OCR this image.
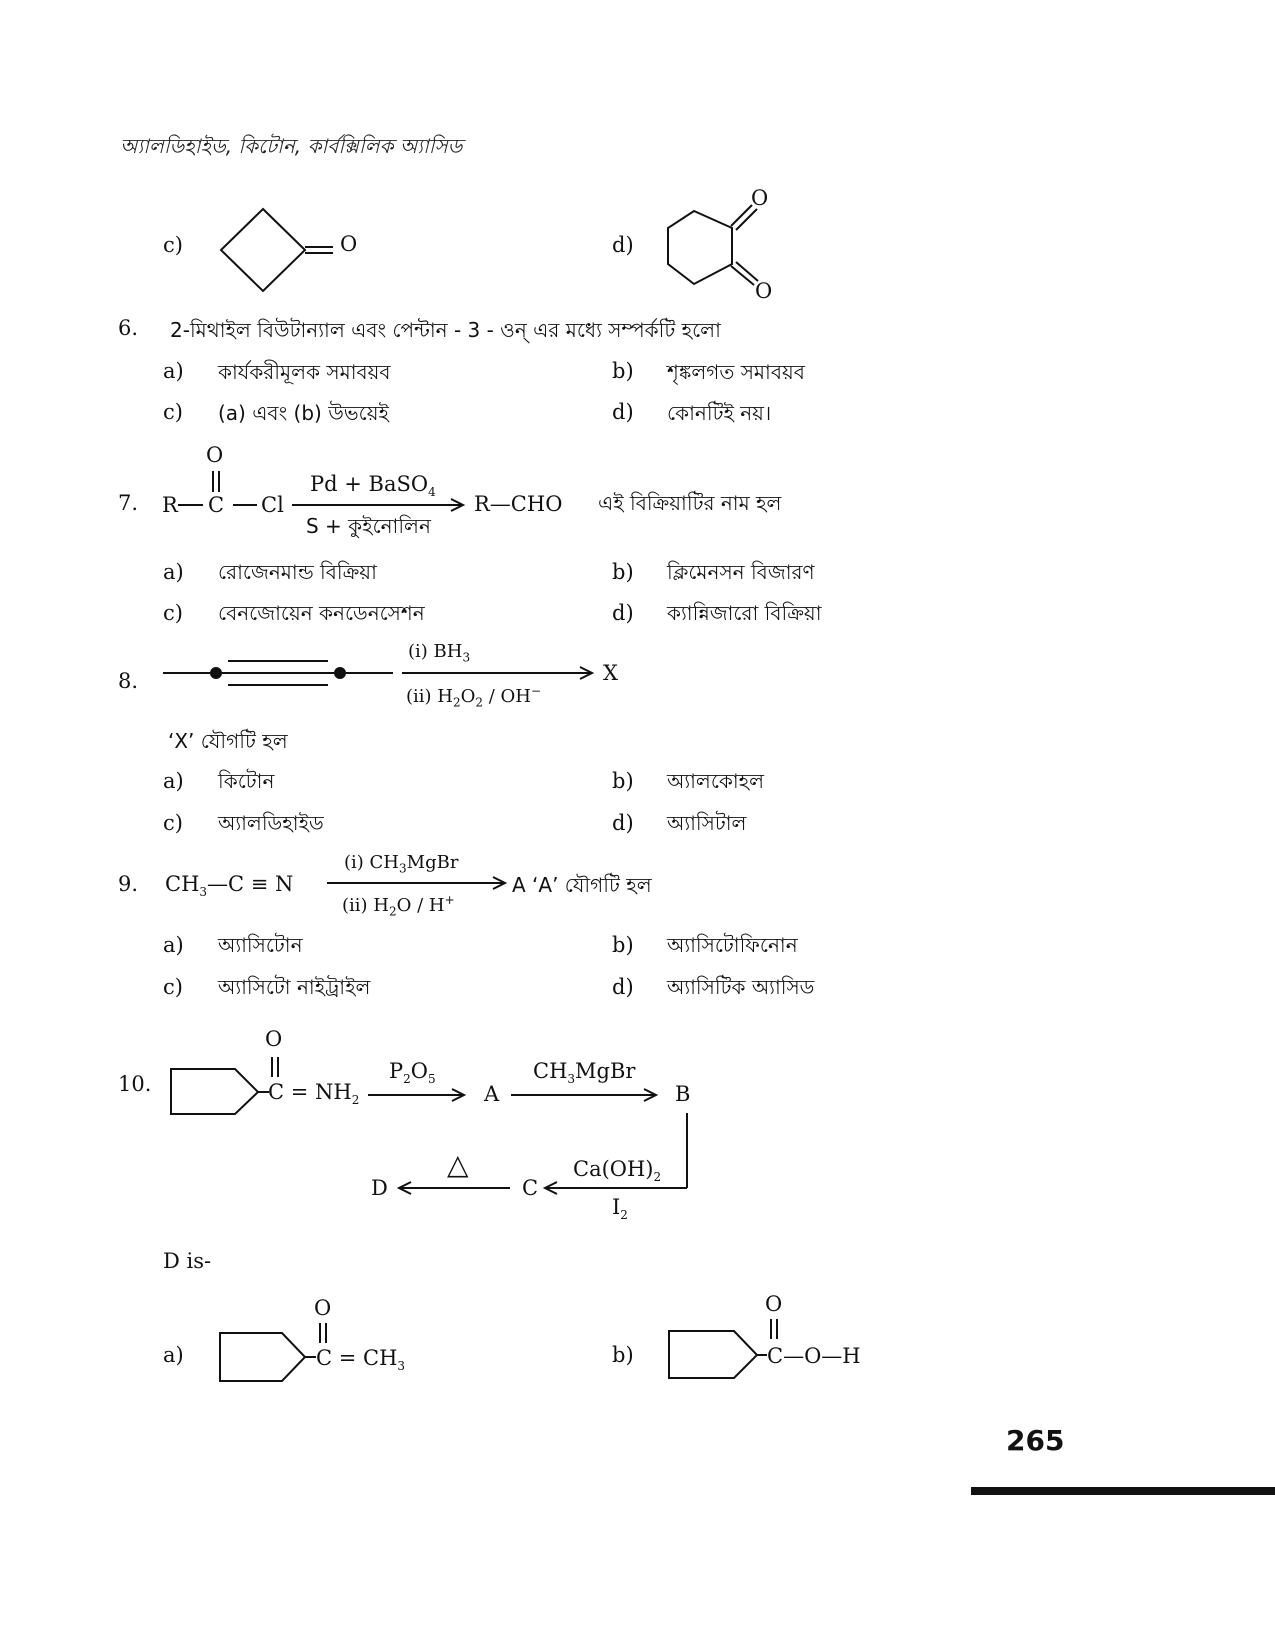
অ্যালডিহাইড, কিটোন, কার্বক্সিলিক অ্যাসিড
c)	O	d)
O
O
6. 2-মিথাইল বিউটান্যাল এবং পেন্টান - 3 - ওন্ এর মধ্যে সম্পর্কটি হলো
a) কার্যকরীমূলক সমাবয়ব	b) শৃঙ্কলগত সমাবয়ব
c) (a) এবং (b) উভয়েই	d) কোনটিই নয়।
7.
O
R C Cl
Pd + BaSO$_4$
S + কুইনোলিন
R—CHO এই বিক্রিয়াটির নাম হল
a) রোজেনমান্ড বিক্রিয়া	b) ক্লিমেনসন বিজারণ
c) বেনজোয়েন কনডেনসেশন	d) ক্যান্নিজারো বিক্রিয়া
8.
(i) $BH_3$
(ii) $H_2O_2 / OH^-$
X
‘X’ যৌগটি হল
a) কিটোন	b) অ্যালকোহল
c) অ্যালডিহাইড	d) অ্যাসিটাল
9. $CH_3—C \equiv N$
(i) $CH_3MgBr$
(ii) $H_2O / H^+$
A ‘A’ যৌগটি হল
a) অ্যাসিটোন	b) অ্যাসিটোফিনোন
c) অ্যাসিটো নাইট্রাইল	d) অ্যাসিটিক অ্যাসিড
10.
O
$C = NH_2$
$P_2O_5$
A
$CH_3MgBr$
B
$Ca(OH)_2$
$I_2$
C
△
D
D is-
a)
O
$C = CH_3$	b)
O
C—O—H
265
